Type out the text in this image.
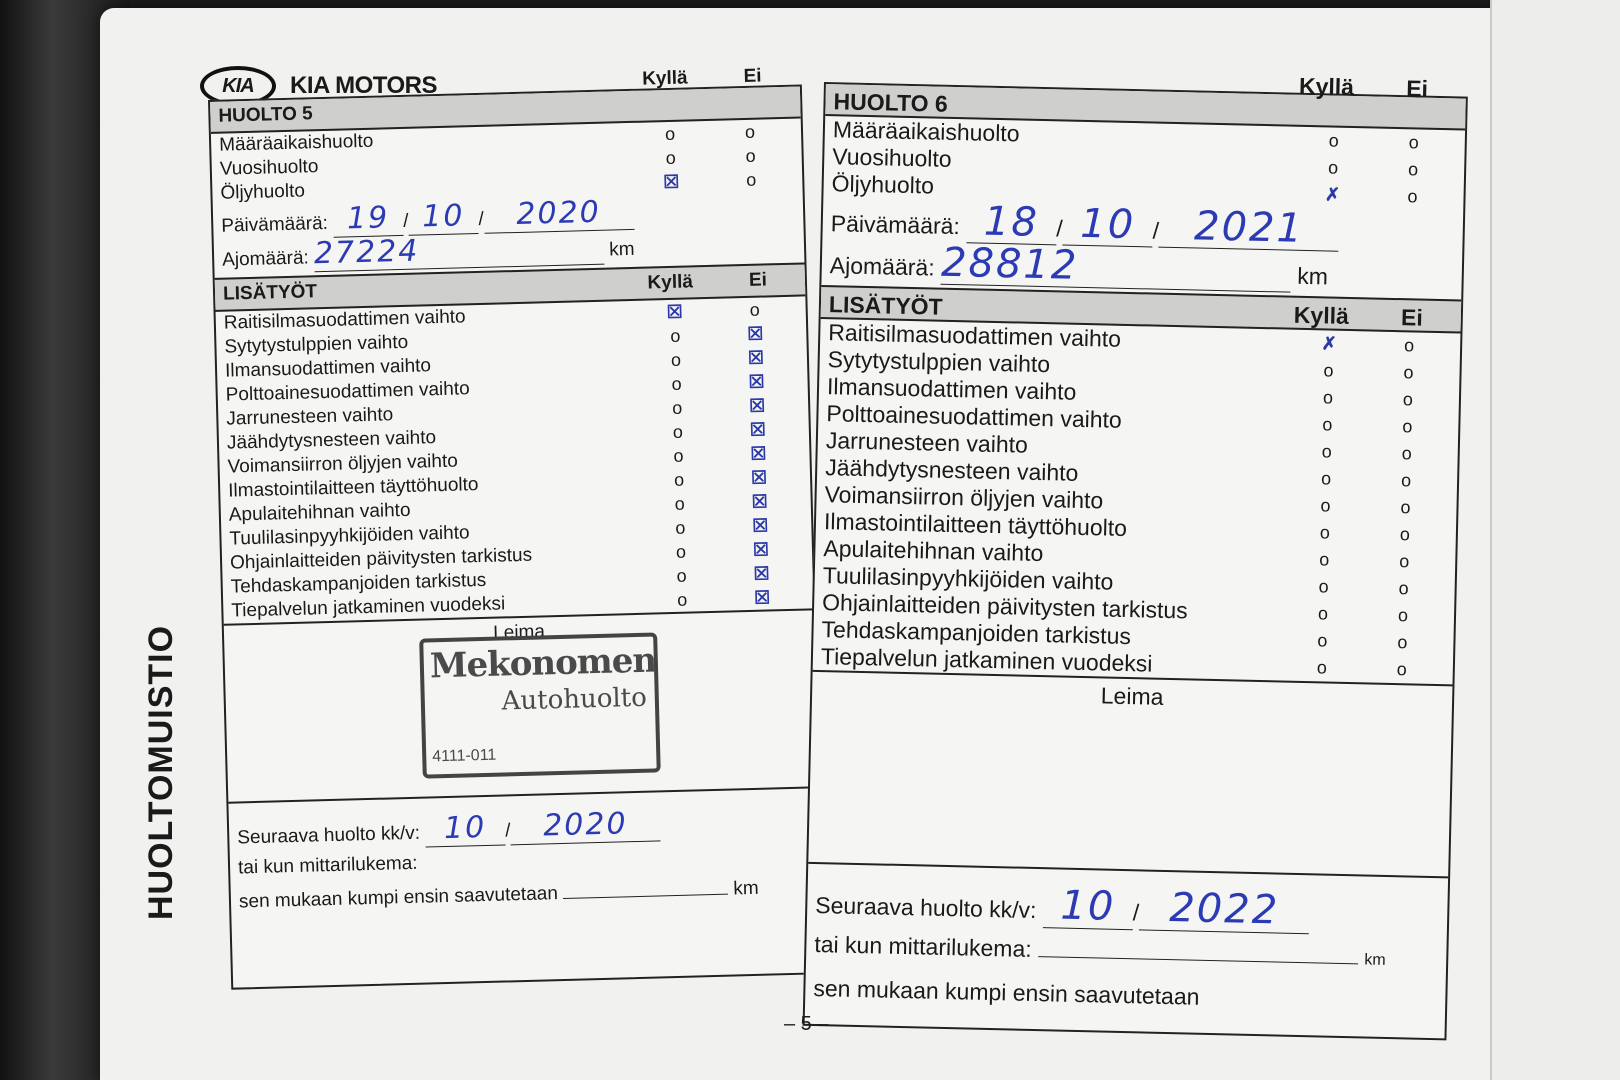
KIA	KIA MOTORS
HUOLTOMUISTIO
HUOLTO 5
Kyllä	Ei
Määräaikaishuolto	o	o
Vuosihuolto	o	o
Öljyhuolto	☒	o
Päivämäärä: 19 / 10 / 2020
Ajomäärä: 27224	km
LISÄTYÖT	Kyllä	Ei
Raitisilmasuodattimen vaihto	☒	o
Sytytystulppien vaihto	o	☒
Ilmansuodattimen vaihto	o	☒
Polttoainesuodattimen vaihto	o	☒
Jarrunesteen vaihto	o	☒
Jäähdytysnesteen vaihto	o	☒
Voimansiirron öljyjen vaihto	o	☒
Ilmastointilaitteen täyttöhuolto	o	☒
Apulaitehihnan vaihto	o	☒
Tuulilasinpyyhkijöiden vaihto	o	☒
Ohjainlaitteiden päivitysten tarkistus	o	☒
Tehdaskampanjoiden tarkistus	o	☒
Tiepalvelun jatkaminen vuodeksi	o	☒
Leima
Mekonomen
Autohuolto
4111-011
Seuraava huolto kk/v: 10 / 2020
tai kun mittarilukema:
sen mukaan kumpi ensin saavutetaan	km
HUOLTO 6
Kyllä Ei
Määräaikaishuolto	o	o
Vuosihuolto	o	o
Öljyhuolto	✗	o
Päivämäärä: 18 / 10 / 2021
Ajomäärä: 28812	km
LISÄTYÖT	Kyllä Ei
Raitisilmasuodattimen vaihto	✗	o
Sytytystulppien vaihto	o	o
Ilmansuodattimen vaihto	o	o
Polttoainesuodattimen vaihto	o	o
Jarrunesteen vaihto	o	o
Jäähdytysnesteen vaihto	o	o
Voimansiirron öljyjen vaihto	o	o
Ilmastointilaitteen täyttöhuolto	o	o
Apulaitehihnan vaihto	o	o
Tuulilasinpyyhkijöiden vaihto	o	o
Ohjainlaitteiden päivitysten tarkistus	o	o
Tehdaskampanjoiden tarkistus	o	o
Tiepalvelun jatkaminen vuodeksi	o	o
Leima
Seuraava huolto kk/v: 10 / 2022
tai kun mittarilukema:	km
sen mukaan kumpi ensin saavutetaan
– 5 –
